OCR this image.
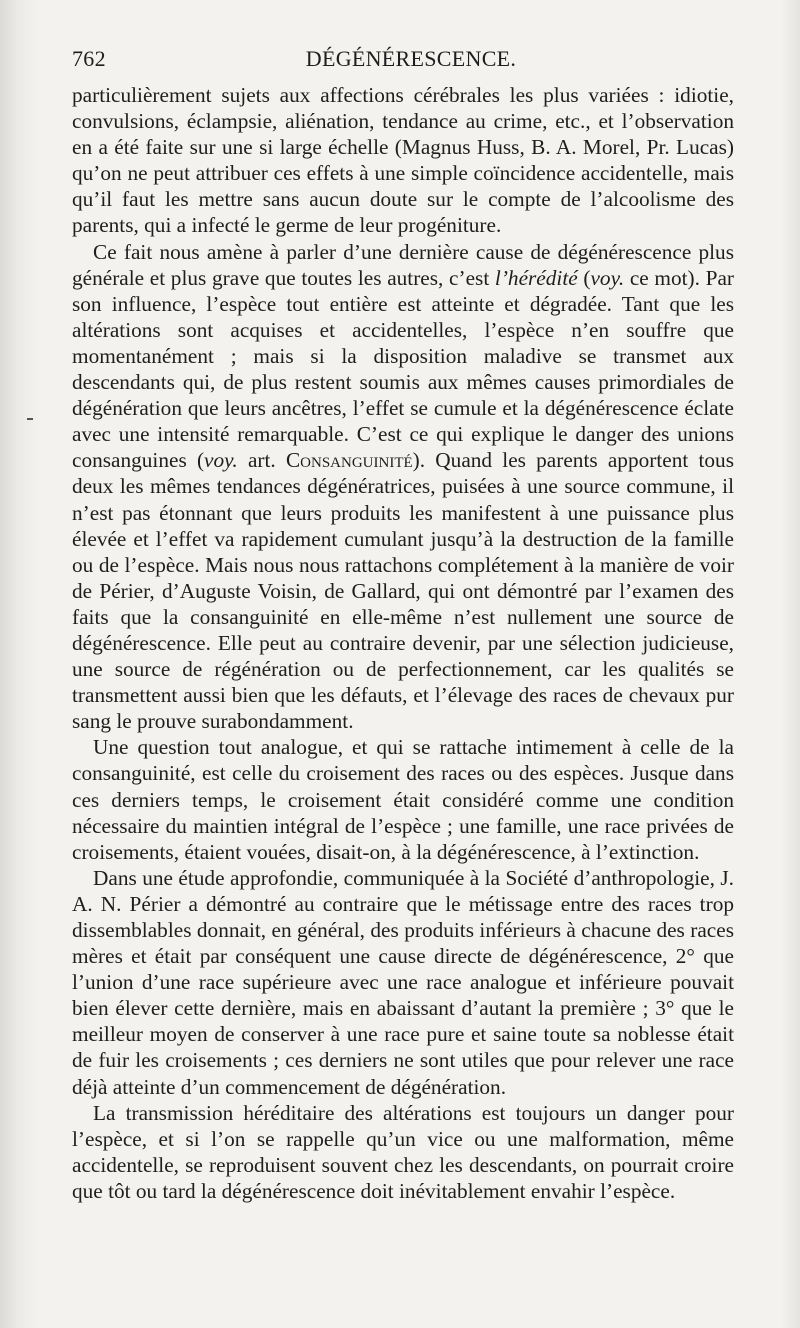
762	DÉGÉNÉRESCENCE.

particulièrement sujets aux affections cérébrales les plus variées : idiotie, convulsions, éclampsie, aliénation, tendance au crime, etc., et l’observation en a été faite sur une si large échelle (Magnus Huss, B. A. Morel, Pr. Lucas) qu’on ne peut attribuer ces effets à une simple coïncidence accidentelle, mais qu’il faut les mettre sans aucun doute sur le compte de l’alcoolisme des parents, qui a infecté le germe de leur progéniture.

Ce fait nous amène à parler d’une dernière cause de dégénérescence plus générale et plus grave que toutes les autres, c’est l’hérédité (voy. ce mot). Par son influence, l’espèce tout entière est atteinte et dégradée. Tant que les altérations sont acquises et accidentelles, l’espèce n’en souffre que momentanément ; mais si la disposition maladive se transmet aux descendants qui, de plus restent soumis aux mêmes causes primordiales de dégénération que leurs ancêtres, l’effet se cumule et la dégénérescence éclate avec une intensité remarquable. C’est ce qui explique le danger des unions consanguines (voy. art. Consanguinité). Quand les parents apportent tous deux les mêmes tendances dégénératrices, puisées à une source commune, il n’est pas étonnant que leurs produits les manifestent à une puissance plus élevée et l’effet va rapidement cumulant jusqu’à la destruction de la famille ou de l’espèce. Mais nous nous rattachons complétement à la manière de voir de Périer, d’Auguste Voisin, de Gallard, qui ont démontré par l’examen des faits que la consanguinité en elle-même n’est nullement une source de dégénérescence. Elle peut au contraire devenir, par une sélection judicieuse, une source de régénération ou de perfectionnement, car les qualités se transmettent aussi bien que les défauts, et l’élevage des races de chevaux pur sang le prouve surabondamment.

Une question tout analogue, et qui se rattache intimement à celle de la consanguinité, est celle du croisement des races ou des espèces. Jusque dans ces derniers temps, le croisement était considéré comme une condition nécessaire du maintien intégral de l’espèce ; une famille, une race privées de croisements, étaient vouées, disait-on, à la dégénérescence, à l’extinction.

Dans une étude approfondie, communiquée à la Société d’anthropologie, J. A. N. Périer a démontré au contraire que le métissage entre des races trop dissemblables donnait, en général, des produits inférieurs à chacune des races mères et était par conséquent une cause directe de dégénérescence, 2° que l’union d’une race supérieure avec une race analogue et inférieure pouvait bien élever cette dernière, mais en abaissant d’autant la première ; 3° que le meilleur moyen de conserver à une race pure et saine toute sa noblesse était de fuir les croisements ; ces derniers ne sont utiles que pour relever une race déjà atteinte d’un commencement de dégénération.

La transmission héréditaire des altérations est toujours un danger pour l’espèce, et si l’on se rappelle qu’un vice ou une malformation, même accidentelle, se reproduisent souvent chez les descendants, on pourrait croire que tôt ou tard la dégénérescence doit inévitablement envahir l’espèce.
